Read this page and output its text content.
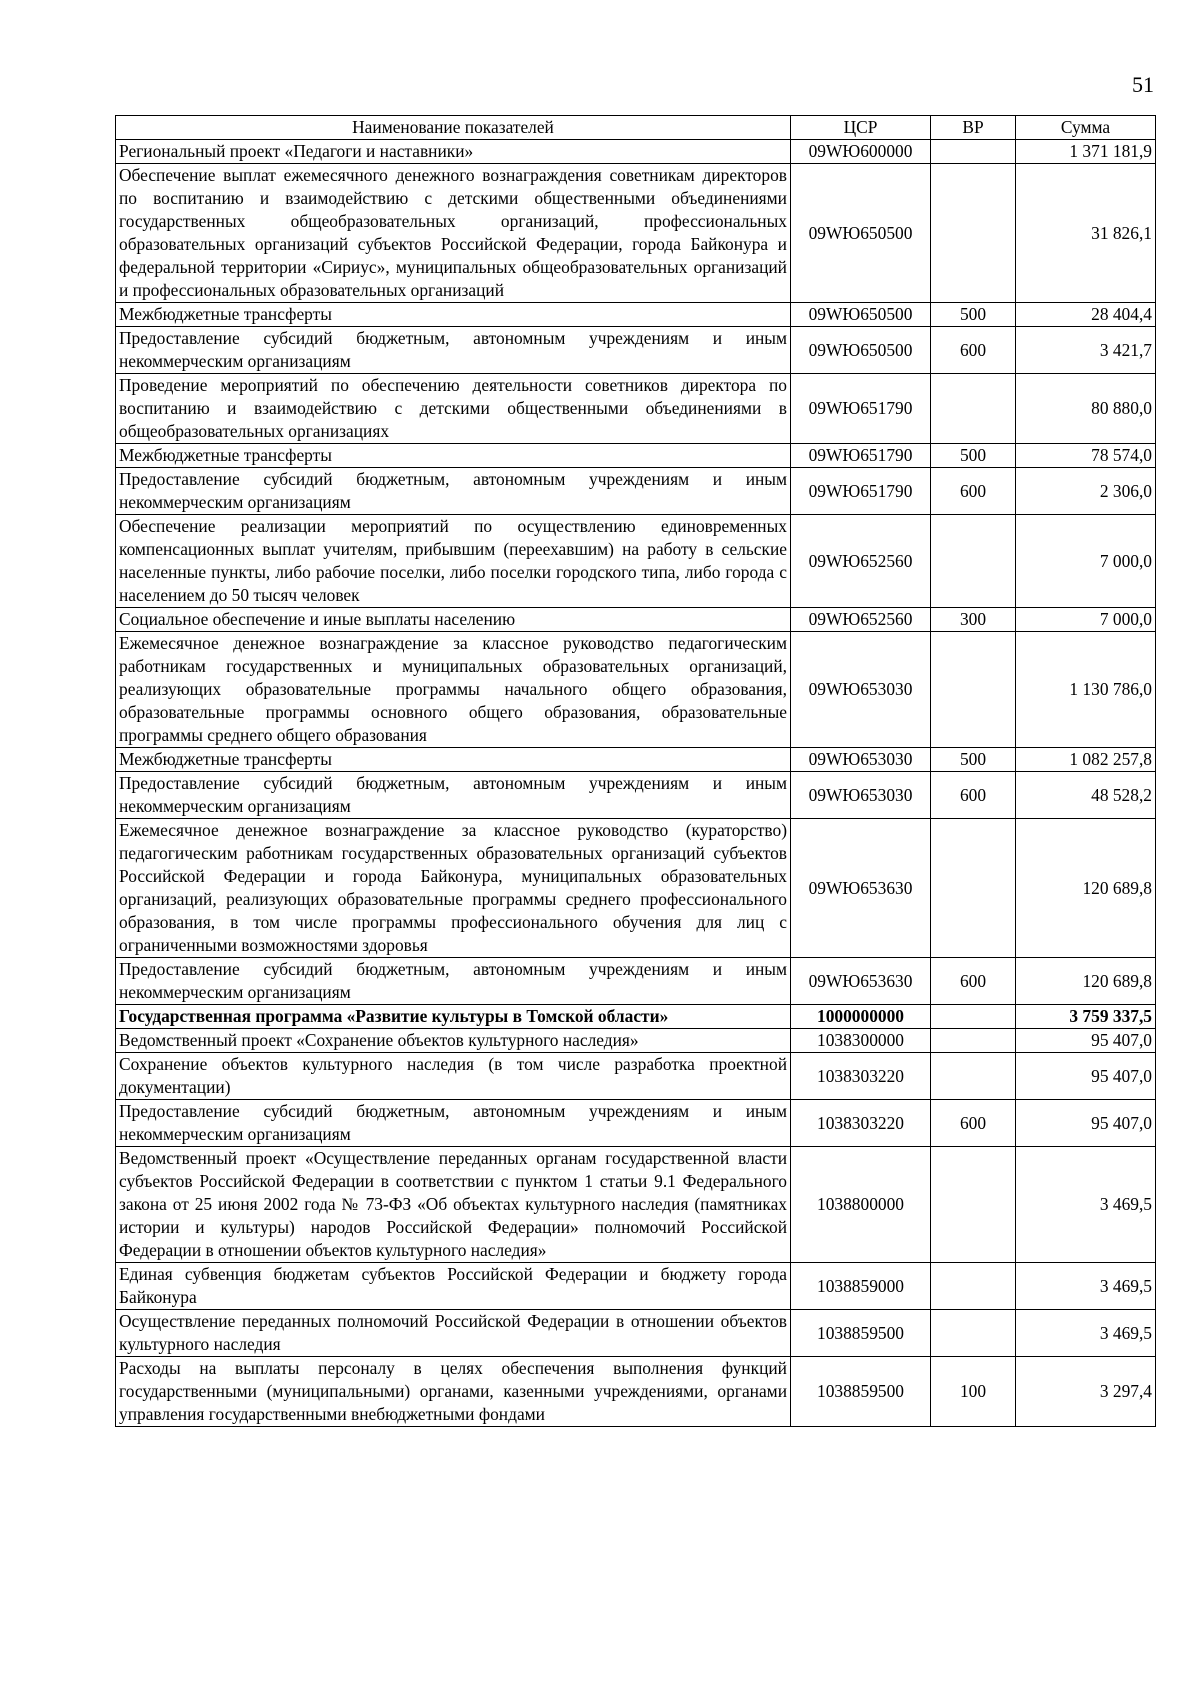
51
Наименование показателей	ЦСР	ВР	Сумма
Региональный проект «Педагоги и наставники»	09WЮ600000		1 371 181,9
Обеспечение выплат ежемесячного денежного вознаграждения советникам директоров по воспитанию и взаимодействию с детскими общественными объединениями государственных общеобразовательных организаций, профессиональных образовательных организаций субъектов Российской Федерации, города Байконура и федеральной территории «Сириус», муниципальных общеобразовательных организаций и профессиональных образовательных организаций	09WЮ650500		31 826,1
Межбюджетные трансферты	09WЮ650500	500	28 404,4
Предоставление субсидий бюджетным, автономным учреждениям и иным некоммерческим организациям	09WЮ650500	600	3 421,7
Проведение мероприятий по обеспечению деятельности советников директора по воспитанию и взаимодействию с детскими общественными объединениями в общеобразовательных организациях	09WЮ651790		80 880,0
Межбюджетные трансферты	09WЮ651790	500	78 574,0
Предоставление субсидий бюджетным, автономным учреждениям и иным некоммерческим организациям	09WЮ651790	600	2 306,0
Обеспечение реализации мероприятий по осуществлению единовременных компенсационных выплат учителям, прибывшим (переехавшим) на работу в сельские населенные пункты, либо рабочие поселки, либо поселки городского типа, либо города с населением до 50 тысяч человек	09WЮ652560		7 000,0
Социальное обеспечение и иные выплаты населению	09WЮ652560	300	7 000,0
Ежемесячное денежное вознаграждение за классное руководство педагогическим работникам государственных и муниципальных образовательных организаций, реализующих образовательные программы начального общего образования, образовательные программы основного общего образования, образовательные программы среднего общего образования	09WЮ653030		1 130 786,0
Межбюджетные трансферты	09WЮ653030	500	1 082 257,8
Предоставление субсидий бюджетным, автономным учреждениям и иным некоммерческим организациям	09WЮ653030	600	48 528,2
Ежемесячное денежное вознаграждение за классное руководство (кураторство) педагогическим работникам государственных образовательных организаций субъектов Российской Федерации и города Байконура, муниципальных образовательных организаций, реализующих образовательные программы среднего профессионального образования, в том числе программы профессионального обучения для лиц с ограниченными возможностями здоровья	09WЮ653630		120 689,8
Предоставление субсидий бюджетным, автономным учреждениям и иным некоммерческим организациям	09WЮ653630	600	120 689,8
Государственная программа «Развитие культуры в Томской области»	1000000000		3 759 337,5
Ведомственный проект «Сохранение объектов культурного наследия»	1038300000		95 407,0
Сохранение объектов культурного наследия (в том числе разработка проектной документации)	1038303220		95 407,0
Предоставление субсидий бюджетным, автономным учреждениям и иным некоммерческим организациям	1038303220	600	95 407,0
Ведомственный проект «Осуществление переданных органам государственной власти субъектов Российской Федерации в соответствии с пунктом 1 статьи 9.1 Федерального закона от 25 июня 2002 года № 73-ФЗ «Об объектах культурного наследия (памятниках истории и культуры) народов Российской Федерации» полномочий Российской Федерации в отношении объектов культурного наследия»	1038800000		3 469,5
Единая субвенция бюджетам субъектов Российской Федерации и бюджету города Байконура	1038859000		3 469,5
Осуществление переданных полномочий Российской Федерации в отношении объектов культурного наследия	1038859500		3 469,5
Расходы на выплаты персоналу в целях обеспечения выполнения функций государственными (муниципальными) органами, казенными учреждениями, органами управления государственными внебюджетными фондами	1038859500	100	3 297,4
